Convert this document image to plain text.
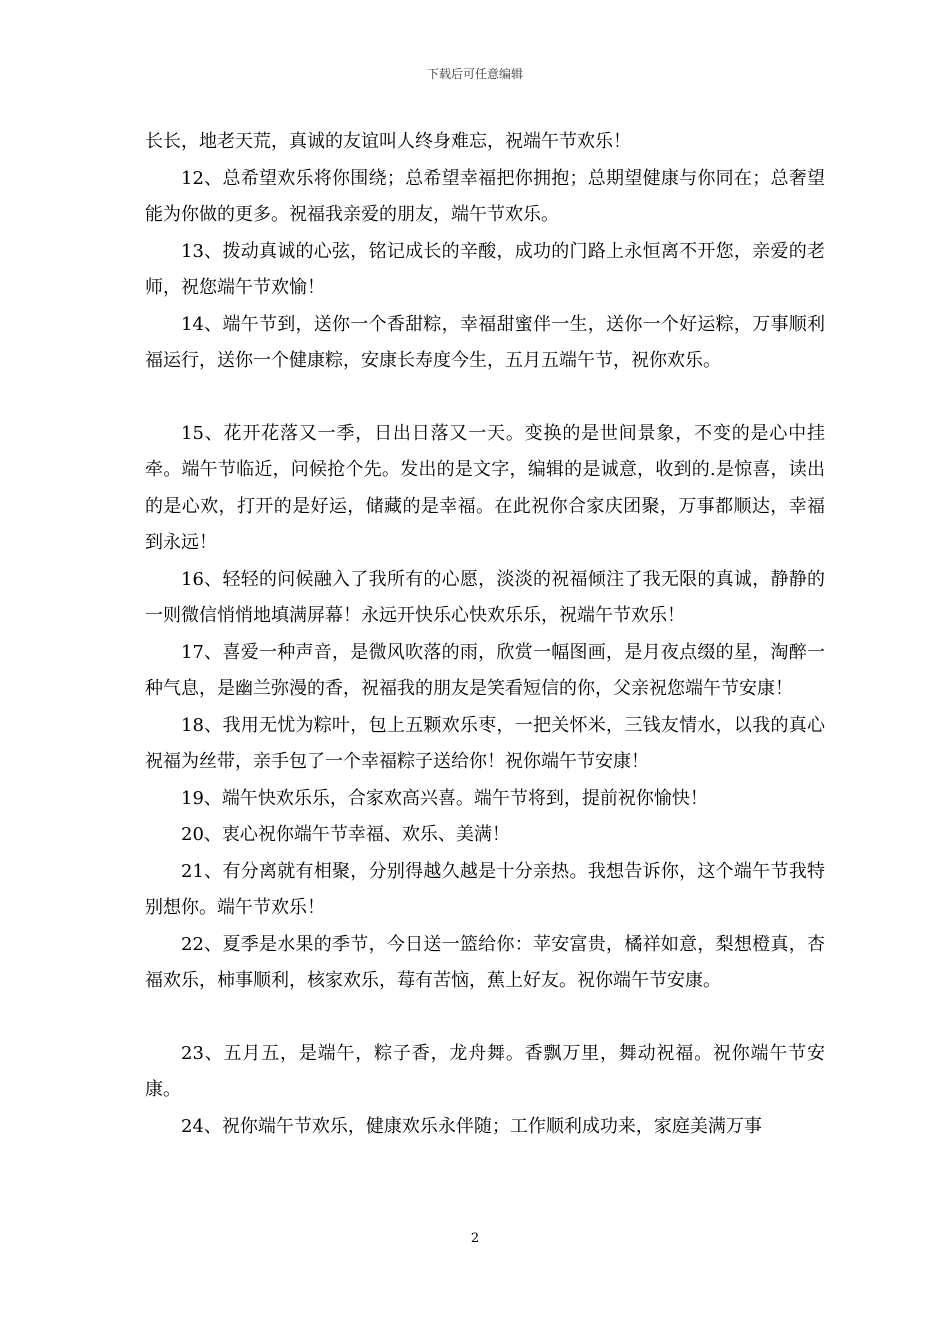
下载后可任意编辑

长长，地老天荒，真诚的友谊叫人终身难忘，祝端午节欢乐！

12、总希望欢乐将你围绕；总希望幸福把你拥抱；总期望健康与你同在；总奢望能为你做的更多。祝福我亲爱的朋友，端午节欢乐。

13、拨动真诚的心弦，铭记成长的辛酸，成功的门路上永恒离不开您，亲爱的老师，祝您端午节欢愉！

14、端午节到，送你一个香甜粽，幸福甜蜜伴一生，送你一个好运粽，万事顺利福运行，送你一个健康粽，安康长寿度今生，五月五端午节，祝你欢乐。

15、花开花落又一季，日出日落又一天。变换的是世间景象，不变的是心中挂牵。端午节临近，问候抢个先。发出的是文字，编辑的是诚意，收到的.是惊喜，读出的是心欢，打开的是好运，储藏的是幸福。在此祝你合家庆团聚，万事都顺达，幸福到永远！

16、轻轻的问候融入了我所有的心愿，淡淡的祝福倾注了我无限的真诚，静静的一则微信悄悄地填满屏幕！永远开快乐心快欢乐乐，祝端午节欢乐！

17、喜爱一种声音，是微风吹落的雨，欣赏一幅图画，是月夜点缀的星，淘醉一种气息，是幽兰弥漫的香，祝福我的朋友是笑看短信的你，父亲祝您端午节安康！

18、我用无忧为粽叶，包上五颗欢乐枣，一把关怀米，三钱友情水，以我的真心祝福为丝带，亲手包了一个幸福粽子送给你！祝你端午节安康！

19、端午快欢乐乐，合家欢高兴喜。端午节将到，提前祝你愉快！

20、衷心祝你端午节幸福、欢乐、美满！

21、有分离就有相聚，分别得越久越是十分亲热。我想告诉你，这个端午节我特别想你。端午节欢乐！

22、夏季是水果的季节，今日送一篮给你：苹安富贵，橘祥如意，梨想橙真，杏福欢乐，柿事顺利，核家欢乐，莓有苦恼，蕉上好友。祝你端午节安康。

23、五月五，是端午，粽子香，龙舟舞。香飘万里，舞动祝福。祝你端午节安康。

24、祝你端午节欢乐，健康欢乐永伴随；工作顺利成功来，家庭美满万事

2
